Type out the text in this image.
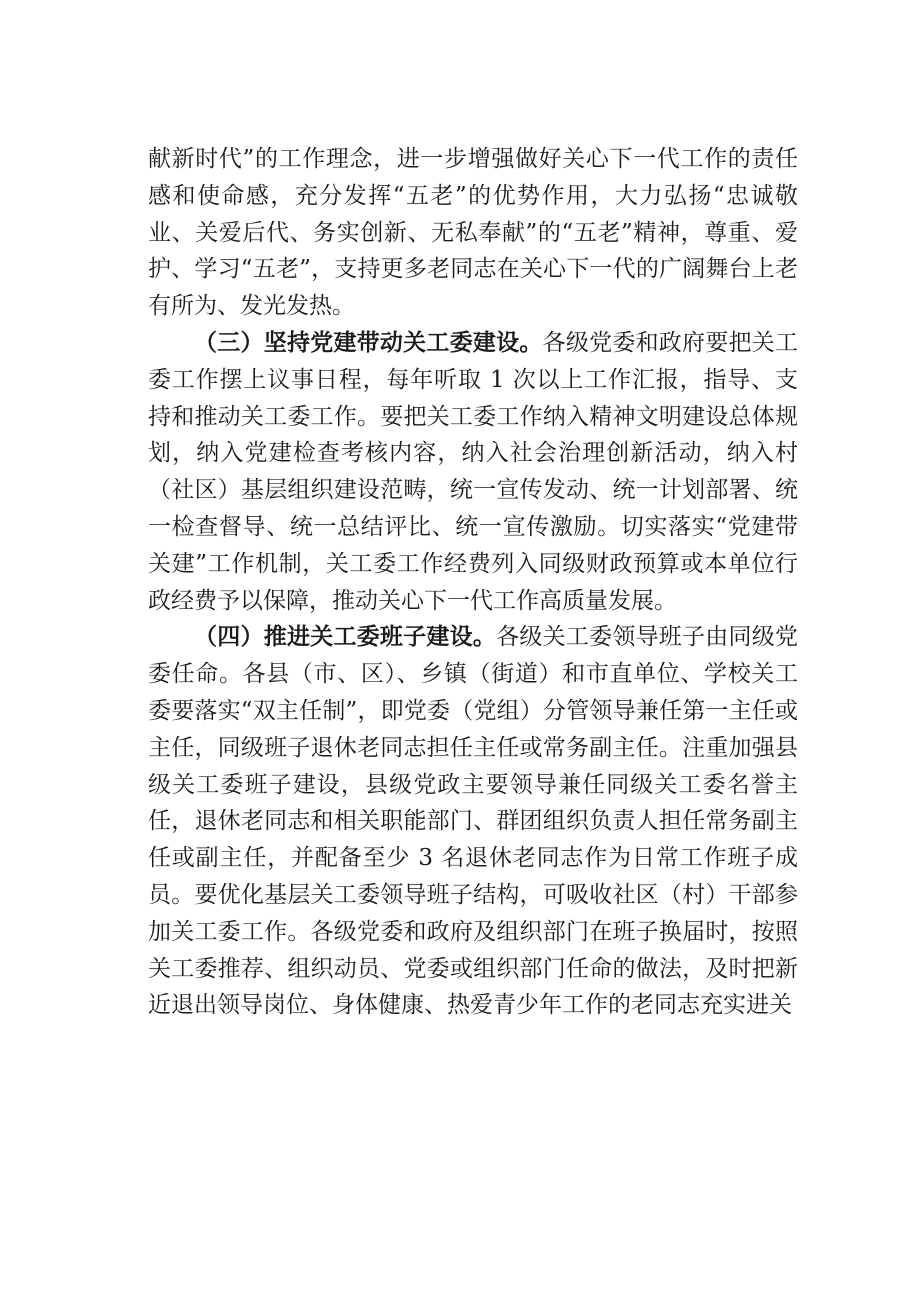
献新时代”的工作理念，进一步增强做好关心下一代工作的责任感和使命感，充分发挥“五老”的优势作用，大力弘扬“忠诚敬业、关爱后代、务实创新、无私奉献”的“五老”精神，尊重、爱护、学习“五老”，支持更多老同志在关心下一代的广阔舞台上老有所为、发光发热。

（三）坚持党建带动关工委建设。各级党委和政府要把关工委工作摆上议事日程，每年听取 1 次以上工作汇报，指导、支持和推动关工委工作。要把关工委工作纳入精神文明建设总体规划，纳入党建检查考核内容，纳入社会治理创新活动，纳入村（社区）基层组织建设范畴，统一宣传发动、统一计划部署、统一检查督导、统一总结评比、统一宣传激励。切实落实“党建带关建”工作机制，关工委工作经费列入同级财政预算或本单位行政经费予以保障，推动关心下一代工作高质量发展。

（四）推进关工委班子建设。各级关工委领导班子由同级党委任命。各县（市、区）、乡镇（街道）和市直单位、学校关工委要落实“双主任制”，即党委（党组）分管领导兼任第一主任或主任，同级班子退休老同志担任主任或常务副主任。注重加强县级关工委班子建设，县级党政主要领导兼任同级关工委名誉主任，退休老同志和相关职能部门、群团组织负责人担任常务副主任或副主任，并配备至少 3 名退休老同志作为日常工作班子成员。要优化基层关工委领导班子结构，可吸收社区（村）干部参加关工委工作。各级党委和政府及组织部门在班子换届时，按照关工委推荐、组织动员、党委或组织部门任命的做法，及时把新近退出领导岗位、身体健康、热爱青少年工作的老同志充实进关
